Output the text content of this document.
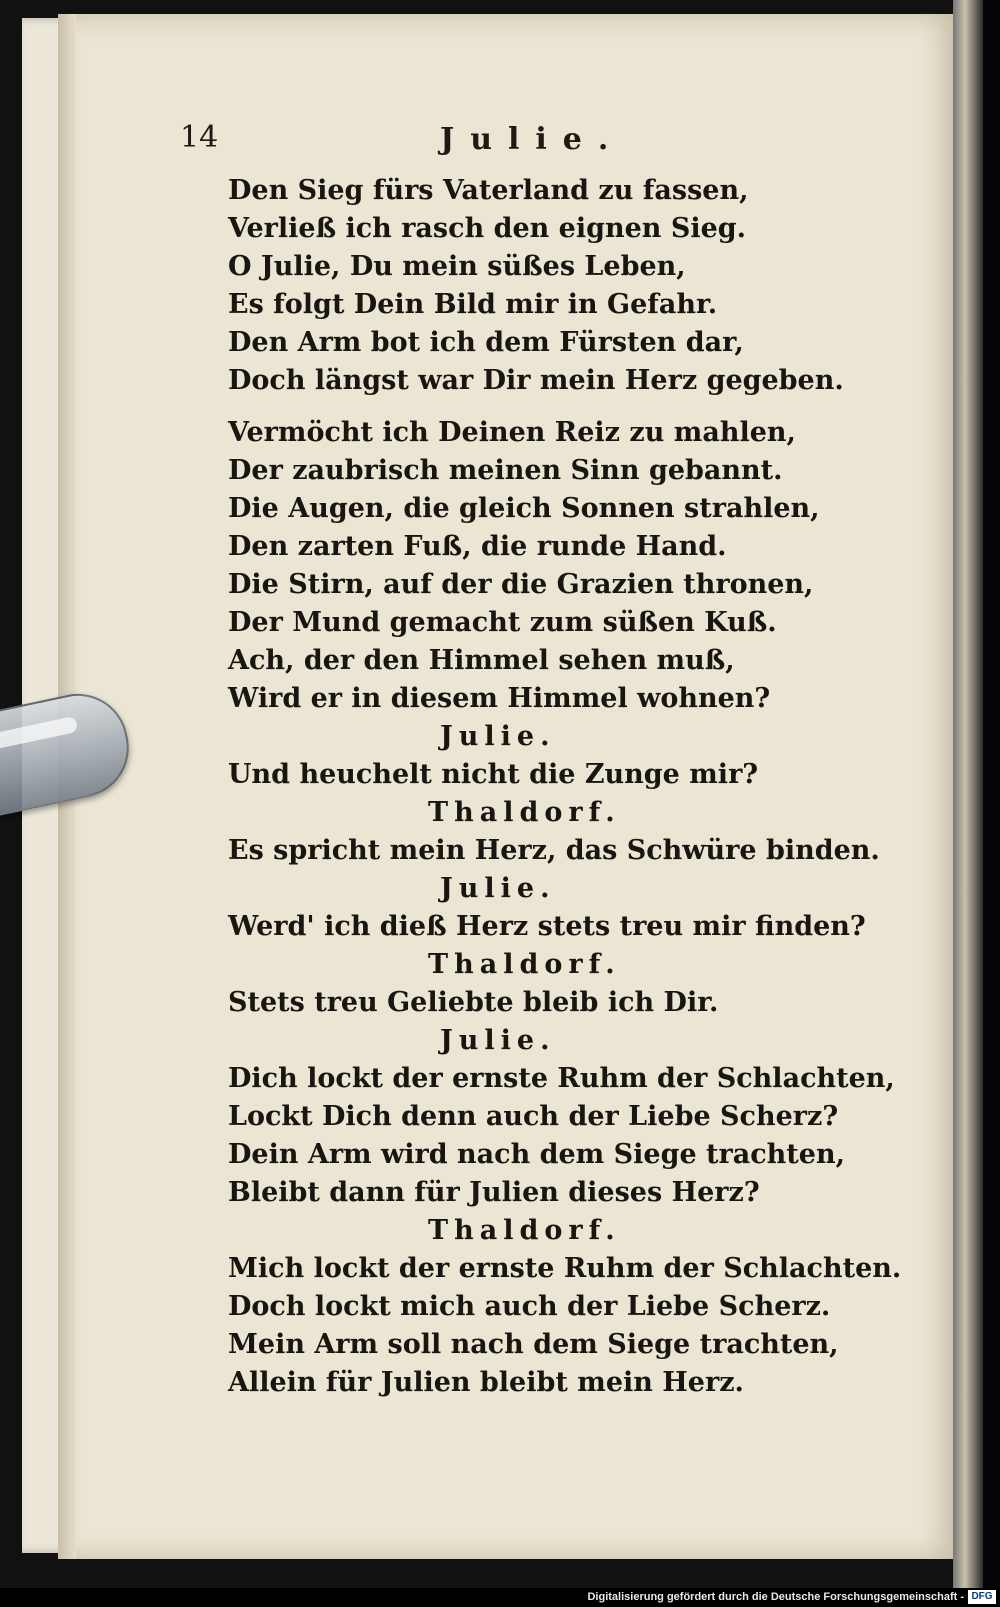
14	Julie.
Den Sieg fürs Vaterland zu fassen,
Verließ ich rasch den eignen Sieg.
O Julie, Du mein süßes Leben,
Es folgt Dein Bild mir in Gefahr.
Den Arm bot ich dem Fürsten dar,
Doch längst war Dir mein Herz gegeben.
Vermöcht ich Deinen Reiz zu mahlen,
Der zaubrisch meinen Sinn gebannt.
Die Augen, die gleich Sonnen strahlen,
Den zarten Fuß, die runde Hand.
Die Stirn, auf der die Grazien thronen,
Der Mund gemacht zum süßen Kuß.
Ach, der den Himmel sehen muß,
Wird er in diesem Himmel wohnen?
Julie.
Und heuchelt nicht die Zunge mir?
Thaldorf.
Es spricht mein Herz, das Schwüre binden.
Julie.
Werd' ich dieß Herz stets treu mir finden?
Thaldorf.
Stets treu Geliebte bleib ich Dir.
Julie.
Dich lockt der ernste Ruhm der Schlachten,
Lockt Dich denn auch der Liebe Scherz?
Dein Arm wird nach dem Siege trachten,
Bleibt dann für Julien dieses Herz?
Thaldorf.
Mich lockt der ernste Ruhm der Schlachten.
Doch lockt mich auch der Liebe Scherz.
Mein Arm soll nach dem Siege trachten,
Allein für Julien bleibt mein Herz.
Digitalisierung gefördert durch die Deutsche Forschungsgemeinschaft - DFG
